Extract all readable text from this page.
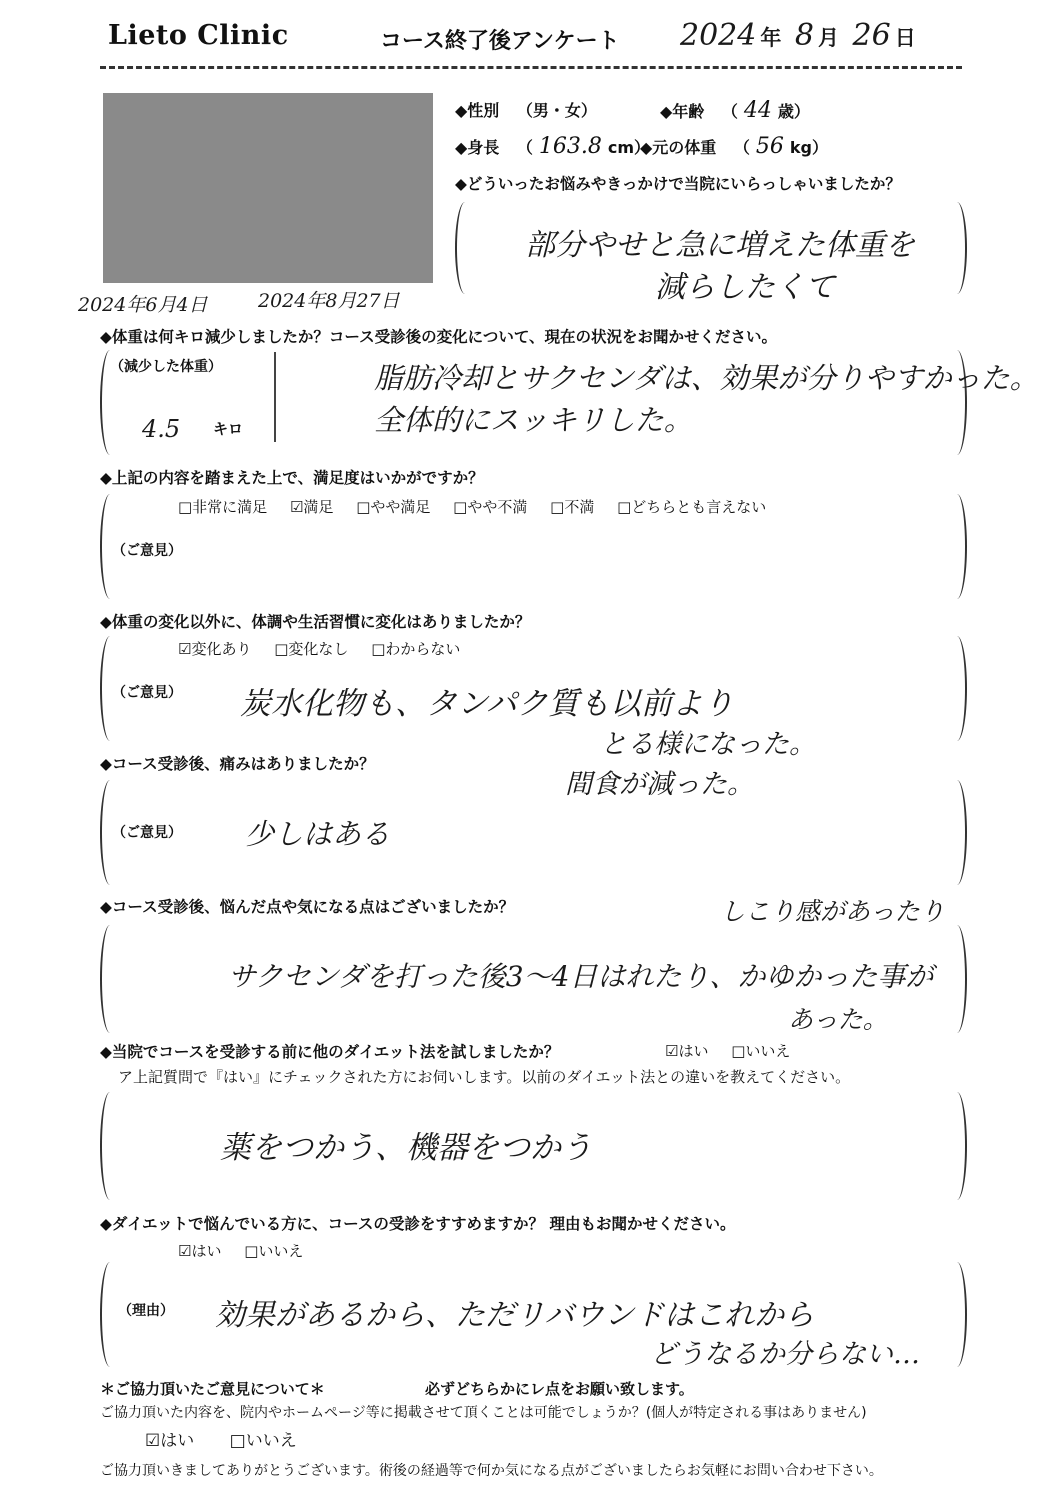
Lieto Clinic	コース終了後アンケート 2024 年 8 月 26 日
2024年6月4日	2024年8月27日
◆性別 （男・女）	◆年齢 （ 44 歳）
◆身長 （ 163.8 cm）
◆元の体重 （ 56 kg）
◆どういったお悩みやきっかけで当院にいらっしゃいましたか？
部分やせと急に増えた体重を
減らしたくて
◆体重は何キロ減少しましたか？コース受診後の変化について、現在の状況をお聞かせください。
（減少した体重）
4.5 キロ
脂肪冷却とサクセンダは、効果が分りやすかった。
全体的にスッキリした。
◆上記の内容を踏まえた上で、満足度はいかがですか？
□非常に満足 ☑満足 □やや満足 □やや不満 □不満 □どちらとも言えない
（ご意見）
◆体重の変化以外に、体調や生活習慣に変化はありましたか？
☑変化あり □変化なし □わからない
（ご意見） 炭水化物も、タンパク質も以前より
とる様になった。
間食が減った。
◆コース受診後、痛みはありましたか？
（ご意見） 少しはある
◆コース受診後、悩んだ点や気になる点はございましたか？	しこり感があったり
サクセンダを打った後3〜4日はれたり、かゆかった事が
あった。
◆当院でコースを受診する前に他のダイエット法を試しましたか？	☑はい □いいえ
ア上記質問で『はい』にチェックされた方にお伺いします。以前のダイエット法との違いを教えてください。
薬をつかう、機器をつかう
◆ダイエットで悩んでいる方に、コースの受診をすすめますか？ 理由もお聞かせください。
☑はい □いいえ
（理由） 効果があるから、ただリバウンドはこれから
どうなるか分らない…
＊ご協力頂いたご意見について＊	必ずどちらかにレ点をお願い致します。
ご協力頂いた内容を、院内やホームページ等に掲載させて頂くことは可能でしょうか？(個人が特定される事はありません)
☑はい □いいえ
ご協力頂いきましてありがとうございます。術後の経過等で何か気になる点がございましたらお気軽にお問い合わせ下さい。
